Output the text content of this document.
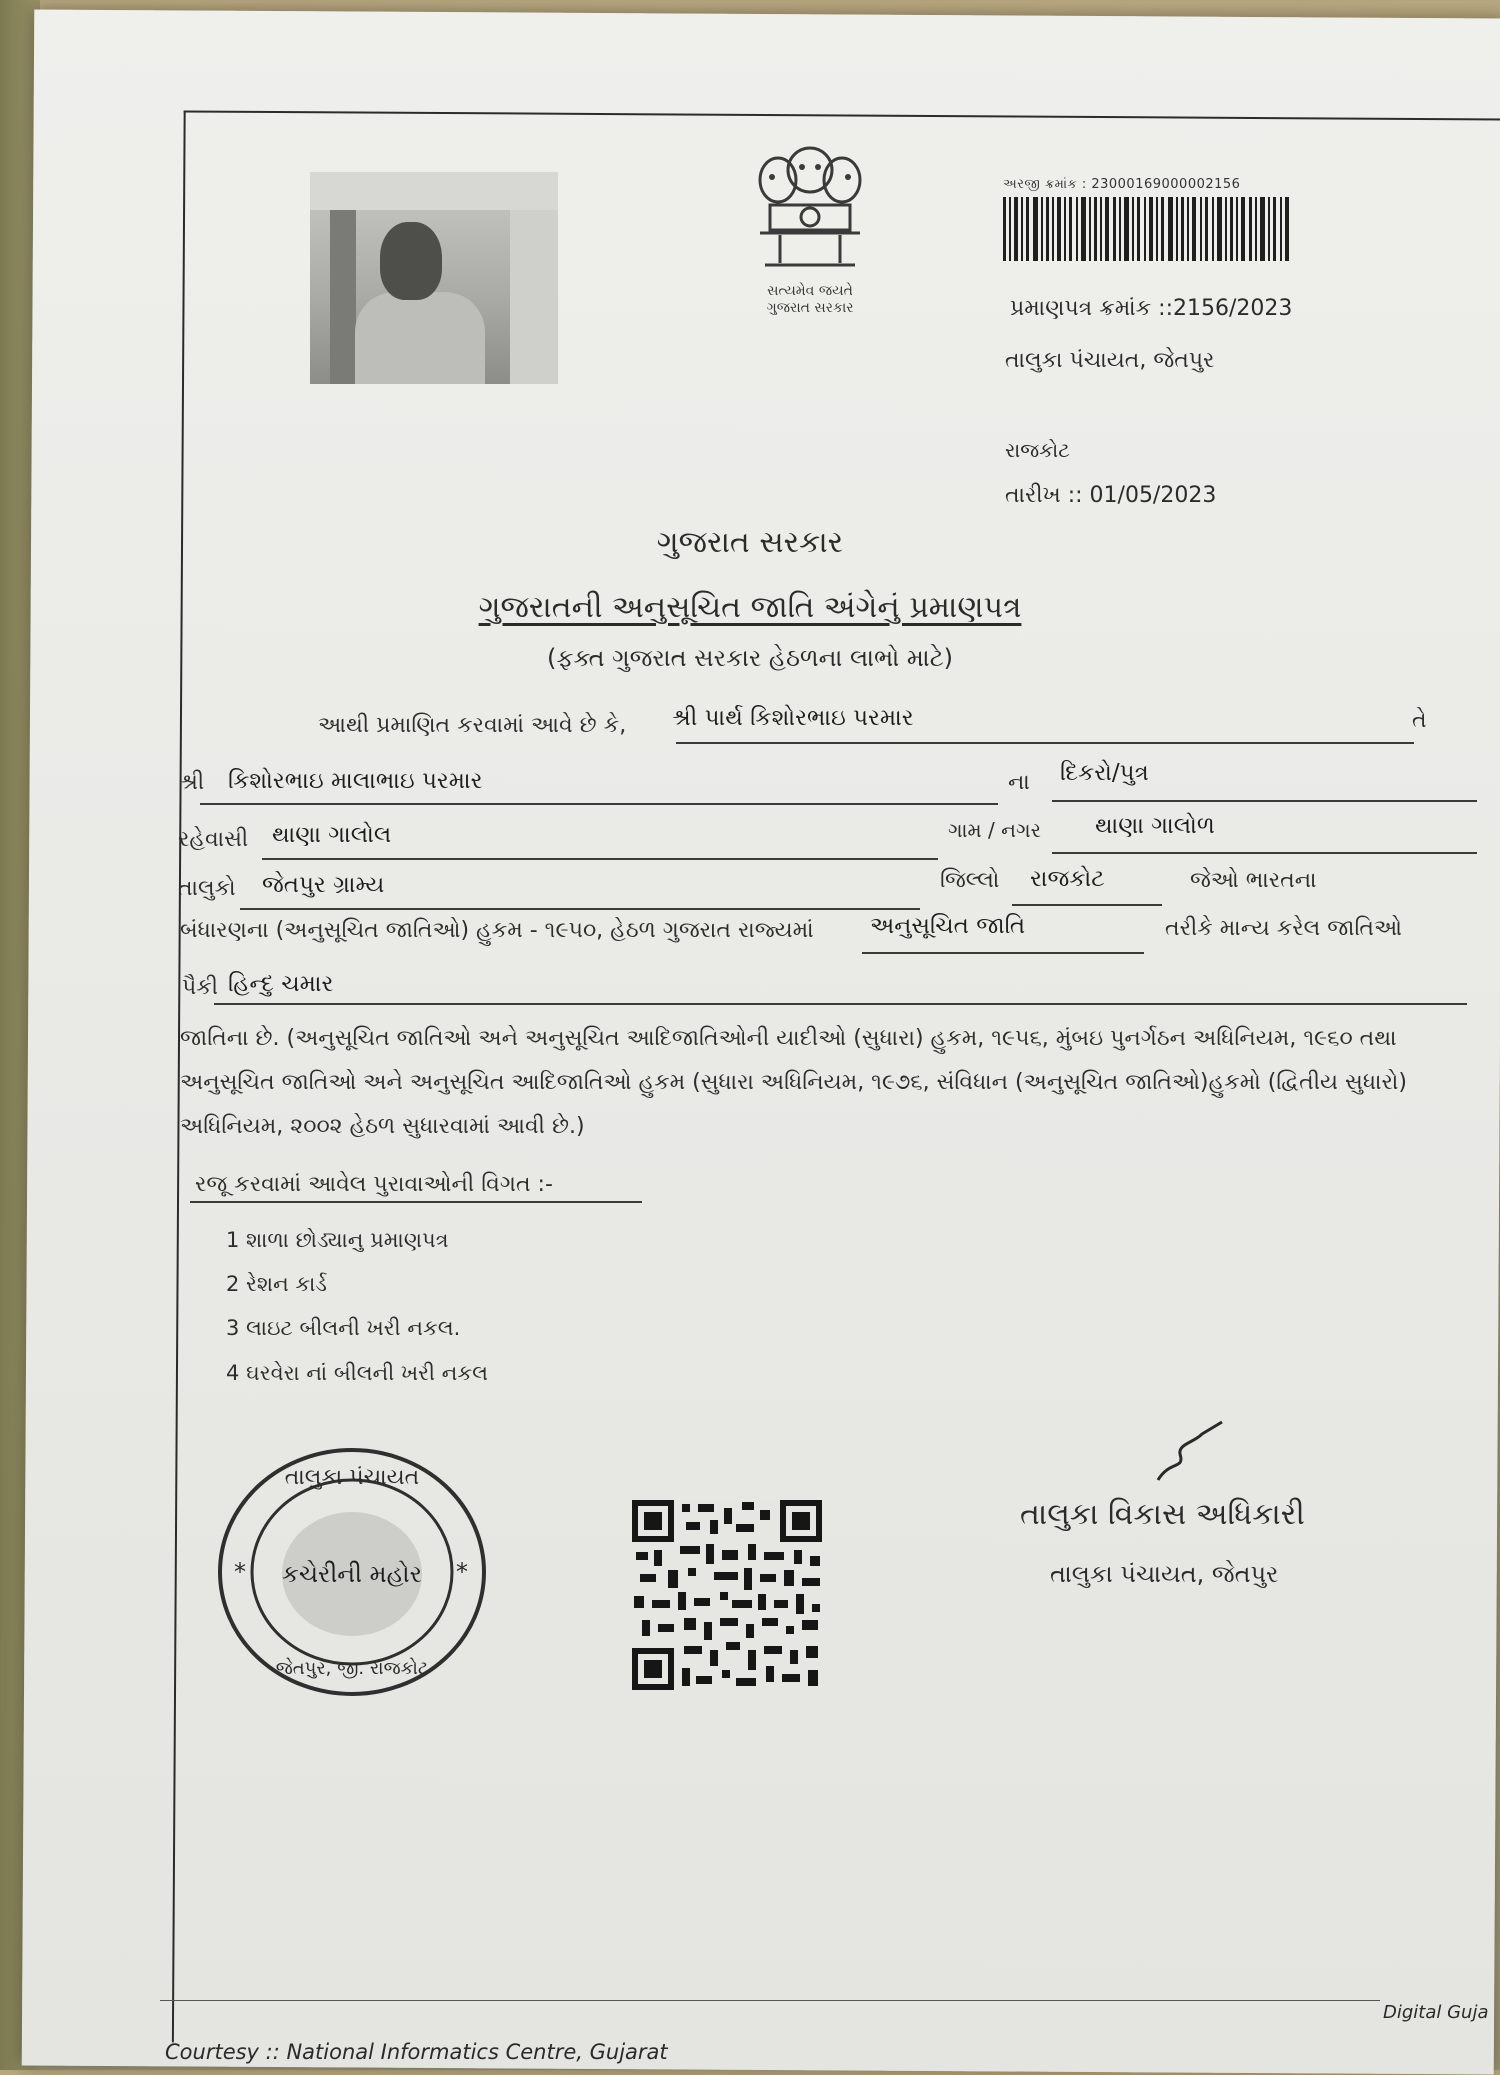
સત્યમેવ જયતે
ગુજરાત સરકાર
અરજી ક્રમાંક : 23000169000002156
પ્રમાણપત્ર ક્રમાંક ::2156/2023
તાલુકા પંચાયત, જેતપુર
રાજકોટ
તારીખ :: 01/05/2023
ગુજરાત સરકાર
ગુજરાતની અનુસૂચિત જાતિ અંગેનું પ્રમાણપત્ર
(ફક્ત ગુજરાત સરકાર હેઠળના લાભો માટે)
આથી પ્રમાણિત કરવામાં આવે છે કે, શ્રી પાર્થ કિશોરભાઇ પરમાર	તે
શ્રી કિશોરભાઇ માલાભાઇ પરમાર	ના દિકરો/પુત્ર
રહેવાસી થાણા ગાલોલ	ગામ / નગર થાણા ગાલોળ
તાલુકો જેતપુર ગ્રામ્ય	જિલ્લો રાજકોટ	જેઓ ભારતના
બંધારણના (અનુસૂચિત જાતિઓ) હુકમ - ૧૯૫૦, હેઠળ ગુજરાત રાજ્યમાં અનુસૂચિત જાતિ	તરીકે માન્ય કરેલ જાતિઓ
પૈકી હિન્દુ ચમાર
જાતિના છે. (અનુસૂચિત જાતિઓ અને અનુસૂચિત આદિજાતિઓની યાદીઓ (સુધારા) હુકમ, ૧૯૫૬, મુંબઇ પુનર્ગઠન અધિનિયમ, ૧૯૬૦ તથા
અનુસૂચિત જાતિઓ અને અનુસૂચિત આદિજાતિઓ હુકમ (સુધારા અધિનિયમ, ૧૯૭૬, સંવિધાન (અનુસૂચિત જાતિઓ)હુકમો (દ્વિતીય સુધારો)
અધિનિયમ, ૨૦૦૨ હેઠળ સુધારવામાં આવી છે.)
રજૂ કરવામાં આવેલ પુરાવાઓની વિગત :-
1 શાળા છોડ્યાનુ પ્રમાણપત્ર
2 રેશન કાર્ડ
3 લાઇટ બીલની ખરી નકલ.
4 ઘરવેરા નાં બીલની ખરી નકલ
તાલુકા પંચાયત
કચેરીની મહોર
જેતપુર, જી. રાજકોટ
*	*
તાલુકા વિકાસ અધિકારી
તાલુકા પંચાયત, જેતપુર
Courtesy :: National Informatics Centre, Gujarat
Digital Guja
